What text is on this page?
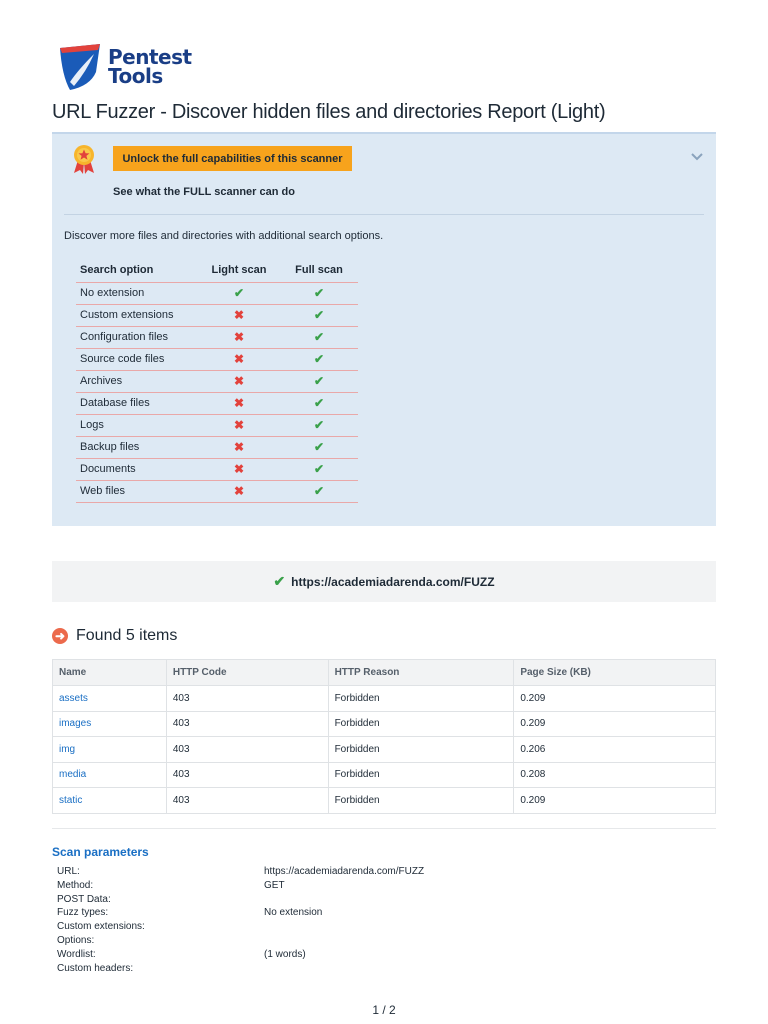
Pentest
Tools
URL Fuzzer - Discover hidden files and directories Report (Light)
Unlock the full capabilities of this scanner
See what the FULL scanner can do
Discover more files and directories with additional search options.
Search option	Light scan	Full scan
No extension	✔	✔
Custom extensions	✖	✔
Configuration files	✖	✔
Source code files	✖	✔
Archives	✖	✔
Database files	✖	✔
Logs	✖	✔
Backup files	✖	✔
Documents	✖	✔
Web files	✖	✔
✔ https://academiadarenda.com/FUZZ
➜ Found 5 items
Name	HTTP Code	HTTP Reason	Page Size (KB)
assets	403	Forbidden	0.209
images	403	Forbidden	0.209
img	403	Forbidden	0.206
media	403	Forbidden	0.208
static	403	Forbidden	0.209
Scan parameters
URL:	https://academiadarenda.com/FUZZ
Method:	GET
POST Data:
Fuzz types:	No extension
Custom extensions:
Options:
Wordlist:	(1 words)
Custom headers:
1 / 2
